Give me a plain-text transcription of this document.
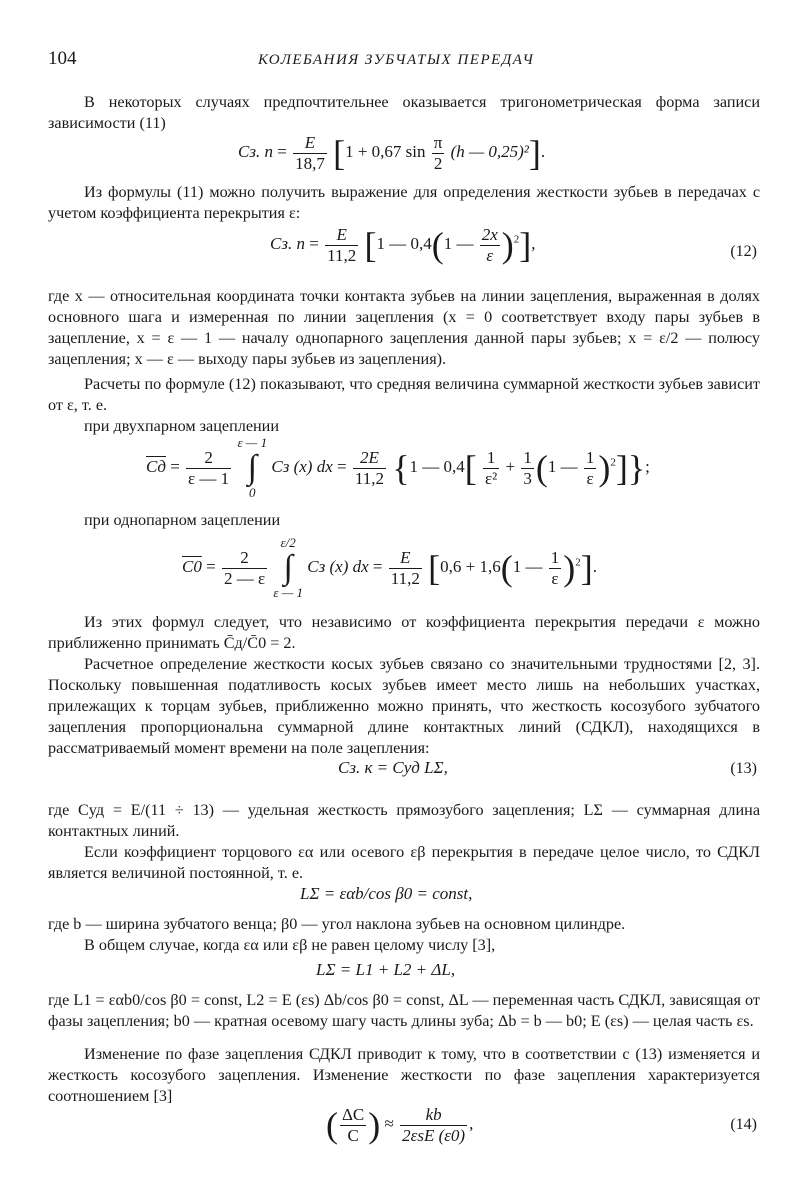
104	КОЛЕБАНИЯ ЗУБЧАТЫХ ПЕРЕДАЧ
В некоторых случаях предпочтительнее оказывается тригонометрическая форма записи зависимости (11)
Cз. $п = \frac{E}{18,7} [1 + 0,67$ $\sin \frac{\pi}{2} (h$ — 0,25)²].
Из формулы (11) можно получить выражение для определения жесткости зубьев в передачах с учетом коэффициента перекрытия ε:
Cз. $п = \frac{E}{11,2} [1$ — 0,4(1 — $\frac{2x}{\varepsilon} )^2$],	(12)
где x — относительная координата точки контакта зубьев на линии зацепления, выраженная в долях основного шага и измеренная по линии зацепления (x = 0 соответствует входу пары зубьев в зацепление, x = ε — 1 — началу однопарного зацепления данной пары зубьев; x = ε/2 — полюсу зацепления; x — ε — выходу пары зубьев из зацепления).
Расчеты по формуле (12) показывают, что средняя величина суммарной жесткости зубьев зависит от ε, т. е.
при двухпарном зацеплении
Cд = $\frac{2}{\varepsilon — 1}$

ε — 1
∫
0
Cз (x) dx = $\frac{2E}{11,2} \{1$ — $0,4[ \frac{1}{\text{ε²}} + \frac{1}{3} (1$ — $\frac{1}{\varepsilon} )^2$]};
при однопарном зацеплении
$C0 = \frac{2}{2 — \varepsilon}$

ε/2
∫
ε — 1
Cз (x) dx = $\frac{E}{11,2} [0,6 + 1,6(1$ — $\frac{1}{\varepsilon} )^2$].
Из этих формул следует, что независимо от коэффициента перекрытия передачи ε можно приближенно принимать C̄д/C̄0 = 2.
Расчетное определение жесткости косых зубьев связано со значительными трудностями [2, 3]. Поскольку повышенная податливость косых зубьев имеет место лишь на небольших участках, прилежащих к торцам зубьев, приближенно можно принять, что жесткость косозубого зубчатого зацепления пропорциональна суммарной длине контактных линий (СДКЛ), находящихся в рассматриваемый момент времени на поле зацепления:
Cз. к = Cуд LΣ,	(13)
где Cуд = E/(11 ÷ 13) — удельная жесткость прямозубого зацепления; LΣ — суммарная длина контактных линий.
Если коэффициент торцового εα или осевого εβ перекрытия в передаче целое число, то СДКЛ является величиной постоянной, т. е.
LΣ = εαb/cos β0 = const,
где b — ширина зубчатого венца; β0 — угол наклона зубьев на основном цилиндре.
В общем случае, когда εα или εβ не равен целому числу [3],
LΣ = L1 + L2 + ΔL,
где L1 = εαb0/cos β0 = const, L2 = E (εs) Δb/cos β0 = const, ΔL — переменная часть СДКЛ, зависящая от фазы зацепления; b0 — кратная осевому шагу часть длины зуба; Δb = b — b0; E (εs) — целая часть εs.
Изменение по фазе зацепления СДКЛ приводит к тому, что в соответствии с (13) изменяется и жесткость косозубого зацепления. Изменение жесткости по фазе зацепления характеризуется соотношением [3]
( $\frac{\Delta C}{C}$ ) ≈ $\frac{kb}{\text{2εsE (ε0)}}$ ,	(14)
